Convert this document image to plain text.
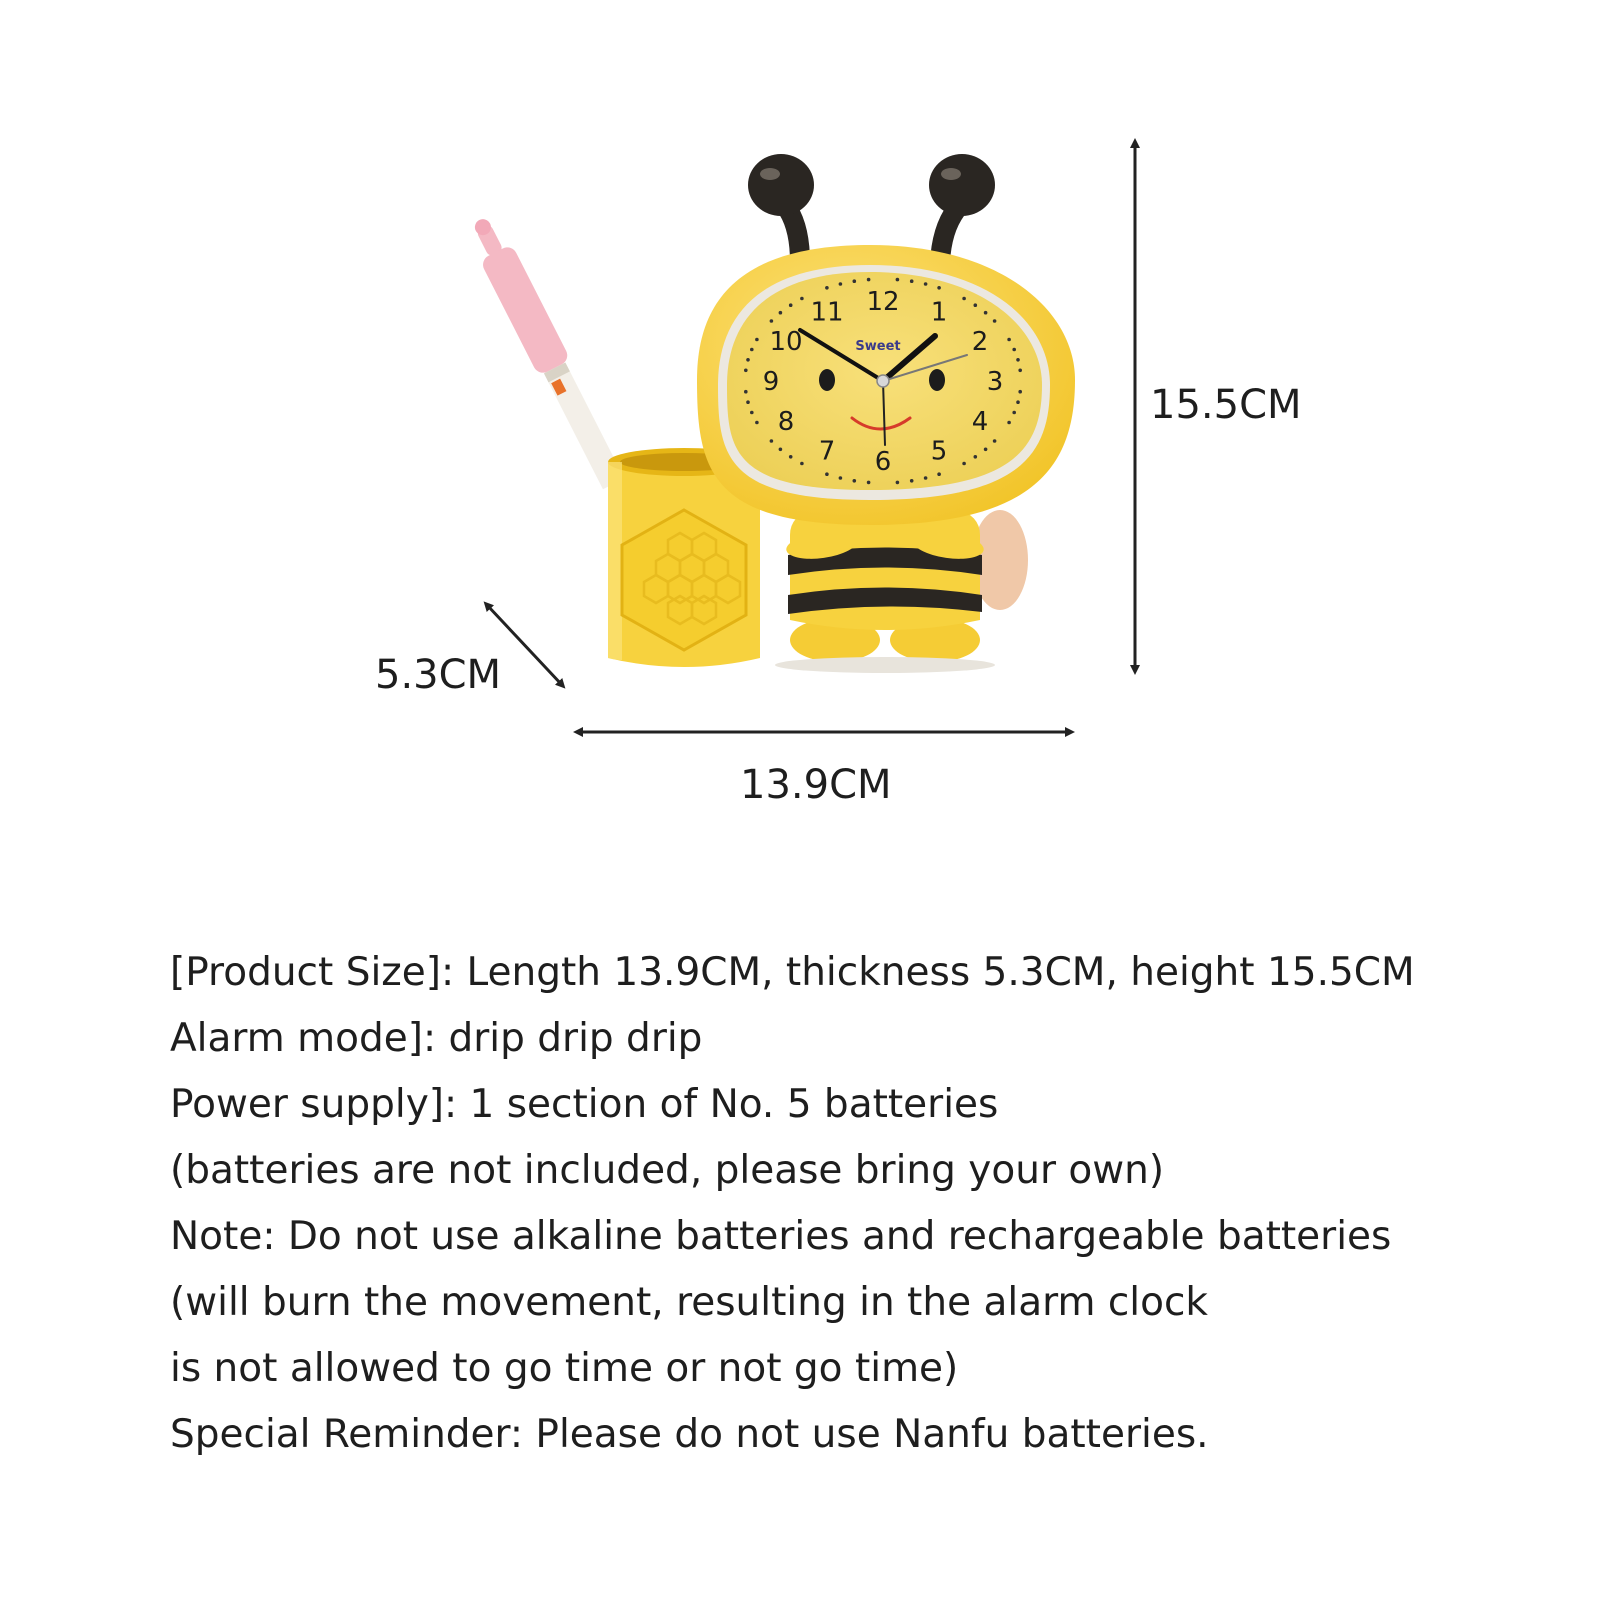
12 1
2
3
4
5
6
7
8
9
10
11
Sweet
15.5CM
5.3CM
13.9CM
[Product Size]: Length 13.9CM, thickness 5.3CM, height 15.5CM
Alarm mode]: drip drip drip
Power supply]: 1 section of No. 5 batteries
(batteries are not included, please bring your own)
Note: Do not use alkaline batteries and rechargeable batteries
(will burn the movement, resulting in the alarm clock
is not allowed to go time or not go time)
Special Reminder: Please do not use Nanfu batteries.
